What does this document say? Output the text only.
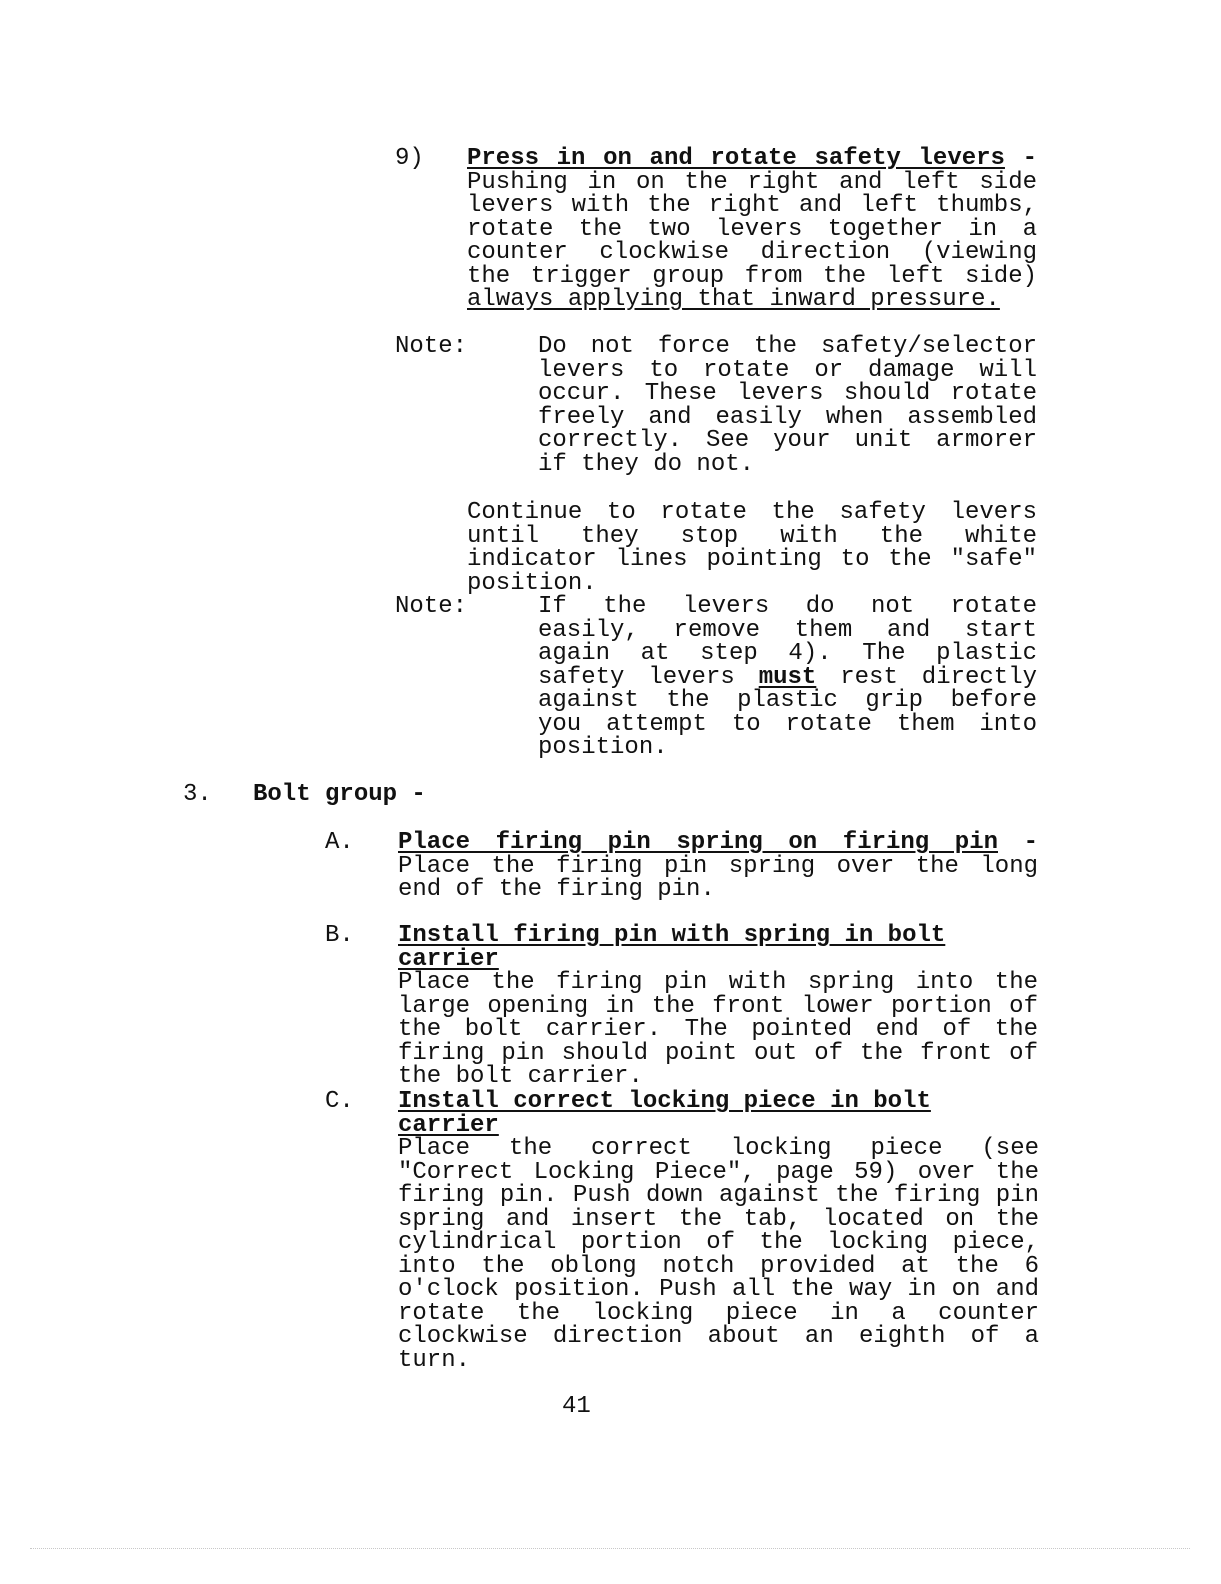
9) Press in on and rotate safety levers - Pushing in on the right and left side levers with the right and left thumbs, rotate the two levers together in a counter clockwise direction (viewing the trigger group from the left side) always applying that inward pressure.
Note:	Do not force the safety/selector levers to rotate or damage will occur. These levers should rotate freely and easily when assembled correctly. See your unit armorer if they do not.
Continue to rotate the safety levers until they stop with the white indicator lines pointing to the "safe" position.
Note:	If the levers do not rotate easily, remove them and start again at step 4). The plastic safety levers must rest directly against the plastic grip before you attempt to rotate them into position.
3. Bolt group -
A. Place firing pin spring on firing pin - Place the firing pin spring over the long end of the firing pin.
B. Install firing pin with spring in bolt carrier
Place the firing pin with spring into the large opening in the front lower portion of the bolt carrier. The pointed end of the firing pin should point out of the front of the bolt carrier.
C. Install correct locking piece in bolt carrier
Place the correct locking piece (see "Correct Locking Piece", page 59) over the firing pin. Push down against the firing pin spring and insert the tab, located on the cylindrical portion of the locking piece, into the oblong notch provided at the 6 o'clock position. Push all the way in on and rotate the locking piece in a counter clockwise direction about an eighth of a turn.
41
